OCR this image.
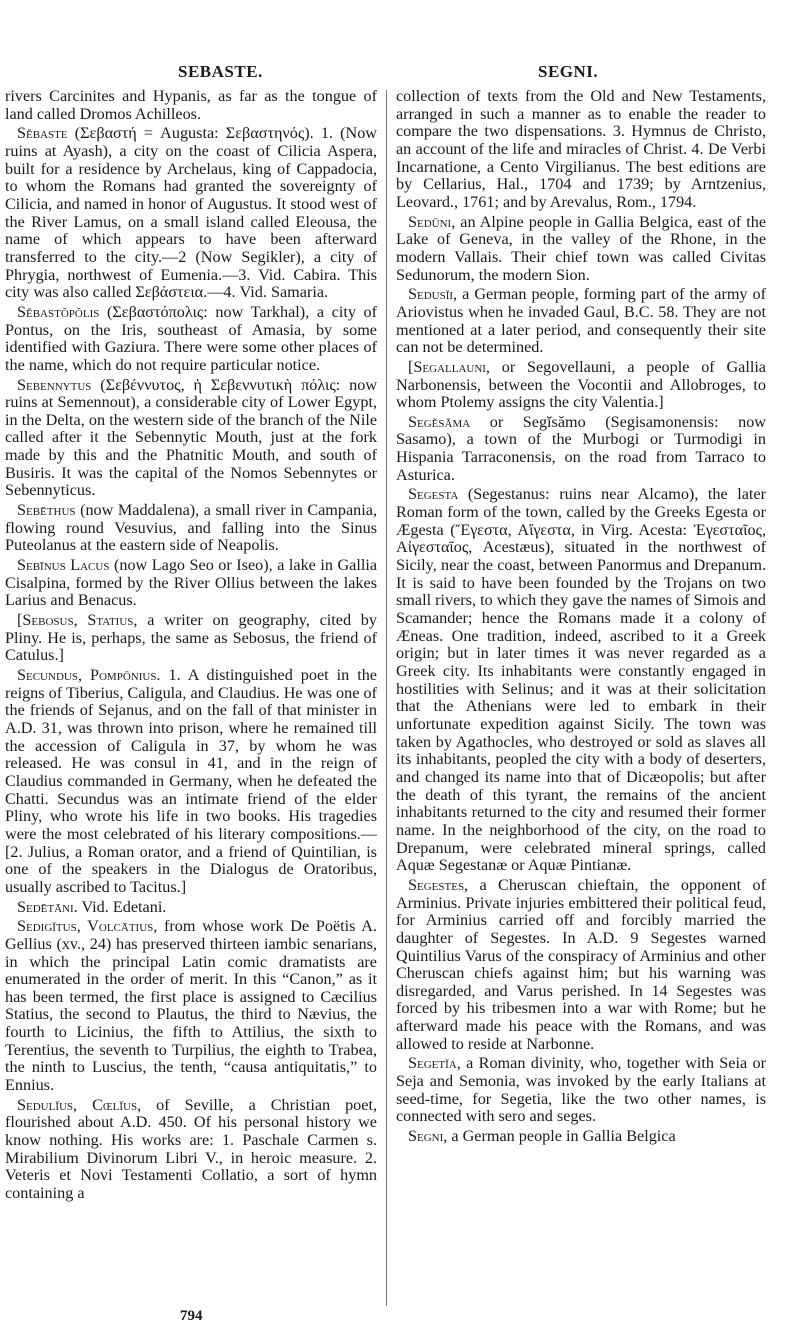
SEBASTE.	SEGNI.

rivers Carcinites and Hypanis, as far as the tongue of land called Dromos Achilleos.

Sĕbaste (Σεβαστή = Augusta: Σεβαστηνός). 1. (Now ruins at Ayash), a city on the coast of Cilicia Aspera, built for a residence by Archelaus, king of Cappadocia, to whom the Romans had granted the sovereignty of Cilicia, and named in honor of Augustus. It stood west of the River Lamus, on a small island called Eleousa, the name of which appears to have been afterward transferred to the city.—2 (Now Segikler), a city of Phrygia, northwest of Eumenia.—3. Vid. Cabira. This city was also called Σεβάστεια.—4. Vid. Samaria.

Sĕbastŏpŏlis (Σεβαστόπολις: now Tarkhal), a city of Pontus, on the Iris, southeast of Amasia, by some identified with Gaziura. There were some other places of the name, which do not require particular notice.

Sebennytus (Σεβέννυτος, ἡ Σεβεννυτικὴ πόλις: now ruins at Semennout), a considerable city of Lower Egypt, in the Delta, on the western side of the branch of the Nile called after it the Sebennytic Mouth, just at the fork made by this and the Phatnitic Mouth, and south of Busiris. It was the capital of the Nomos Sebennytes or Sebennyticus.

Sebēthus (now Maddalena), a small river in Campania, flowing round Vesuvius, and falling into the Sinus Puteolanus at the eastern side of Neapolis.

Sebīnus Lacus (now Lago Seo or Iseo), a lake in Gallia Cisalpina, formed by the River Ollius between the lakes Larius and Benacus.

[Sebosus, Statius, a writer on geography, cited by Pliny. He is, perhaps, the same as Sebosus, the friend of Catulus.]

Secundus, Pompōnius. 1. A distinguished poet in the reigns of Tiberius, Caligula, and Claudius. He was one of the friends of Sejanus, and on the fall of that minister in A.D. 31, was thrown into prison, where he remained till the accession of Caligula in 37, by whom he was released. He was consul in 41, and in the reign of Claudius commanded in Germany, when he defeated the Chatti. Secundus was an intimate friend of the elder Pliny, who wrote his life in two books. His tragedies were the most celebrated of his literary compositions.—[2. Julius, a Roman orator, and a friend of Quintilian, is one of the speakers in the Dialogus de Oratoribus, usually ascribed to Tacitus.]

Sedētāni. Vid. Edetani.

Sedigĭtus, Volcātius, from whose work De Poëtis A. Gellius (xv., 24) has preserved thirteen iambic senarians, in which the principal Latin comic dramatists are enumerated in the order of merit. In this “Canon,” as it has been termed, the first place is assigned to Cæcilius Statius, the second to Plautus, the third to Nævius, the fourth to Licinius, the fifth to Attilius, the sixth to Terentius, the seventh to Turpilius, the eighth to Trabea, the ninth to Luscius, the tenth, “causa antiquitatis,” to Ennius.

Sedulĭus, Cœlĭus, of Seville, a Christian poet, flourished about A.D. 450. Of his personal history we know nothing. His works are: 1. Paschale Carmen s. Mirabilium Divinorum Libri V., in heroic measure. 2. Veteris et Novi Testamenti Collatio, a sort of hymn containing a

collection of texts from the Old and New Testaments, arranged in such a manner as to enable the reader to compare the two dispensations. 3. Hymnus de Christo, an account of the life and miracles of Christ. 4. De Verbi Incarnatione, a Cento Virgilianus. The best editions are by Cellarius, Hal., 1704 and 1739; by Arntzenius, Leovard., 1761; and by Arevalus, Rom., 1794.

Sedūni, an Alpine people in Gallia Belgica, east of the Lake of Geneva, in the valley of the Rhone, in the modern Vallais. Their chief town was called Civitas Sedunorum, the modern Sion.

Sedusĭi, a German people, forming part of the army of Ariovistus when he invaded Gaul, B.C. 58. They are not mentioned at a later period, and consequently their site can not be determined.

[Segallauni, or Segovellauni, a people of Gallia Narbonensis, between the Vocontii and Allobroges, to whom Ptolemy assigns the city Valentia.]

Segĕsăma or Segĭsămo (Segisamonensis: now Sasamo), a town of the Murbogi or Turmodigi in Hispania Tarraconensis, on the road from Tarraco to Asturica.

Segesta (Segestanus: ruins near Alcamo), the later Roman form of the town, called by the Greeks Egesta or Ægesta (Ἔγεστα, Αἴγεστα, in Virg. Acesta: Ἐγεσταῖος, Αἰγεσταῖος, Acestæus), situated in the northwest of Sicily, near the coast, between Panormus and Drepanum. It is said to have been founded by the Trojans on two small rivers, to which they gave the names of Simois and Scamander; hence the Romans made it a colony of Æneas. One tradition, indeed, ascribed to it a Greek origin; but in later times it was never regarded as a Greek city. Its inhabitants were constantly engaged in hostilities with Selinus; and it was at their solicitation that the Athenians were led to embark in their unfortunate expedition against Sicily. The town was taken by Agathocles, who destroyed or sold as slaves all its inhabitants, peopled the city with a body of deserters, and changed its name into that of Dicæopolis; but after the death of this tyrant, the remains of the ancient inhabitants returned to the city and resumed their former name. In the neighborhood of the city, on the road to Drepanum, were celebrated mineral springs, called Aquæ Segestanæ or Aquæ Pintianæ.

Segestes, a Cheruscan chieftain, the opponent of Arminius. Private injuries embittered their political feud, for Arminius carried off and forcibly married the daughter of Segestes. In A.D. 9 Segestes warned Quintilius Varus of the conspiracy of Arminius and other Cheruscan chiefs against him; but his warning was disregarded, and Varus perished. In 14 Segestes was forced by his tribesmen into a war with Rome; but he afterward made his peace with the Romans, and was allowed to reside at Narbonne.

Segetĭa, a Roman divinity, who, together with Seia or Seja and Semonia, was invoked by the early Italians at seed-time, for Segetia, like the two other names, is connected with sero and seges.

Segni, a German people in Gallia Belgica

794
